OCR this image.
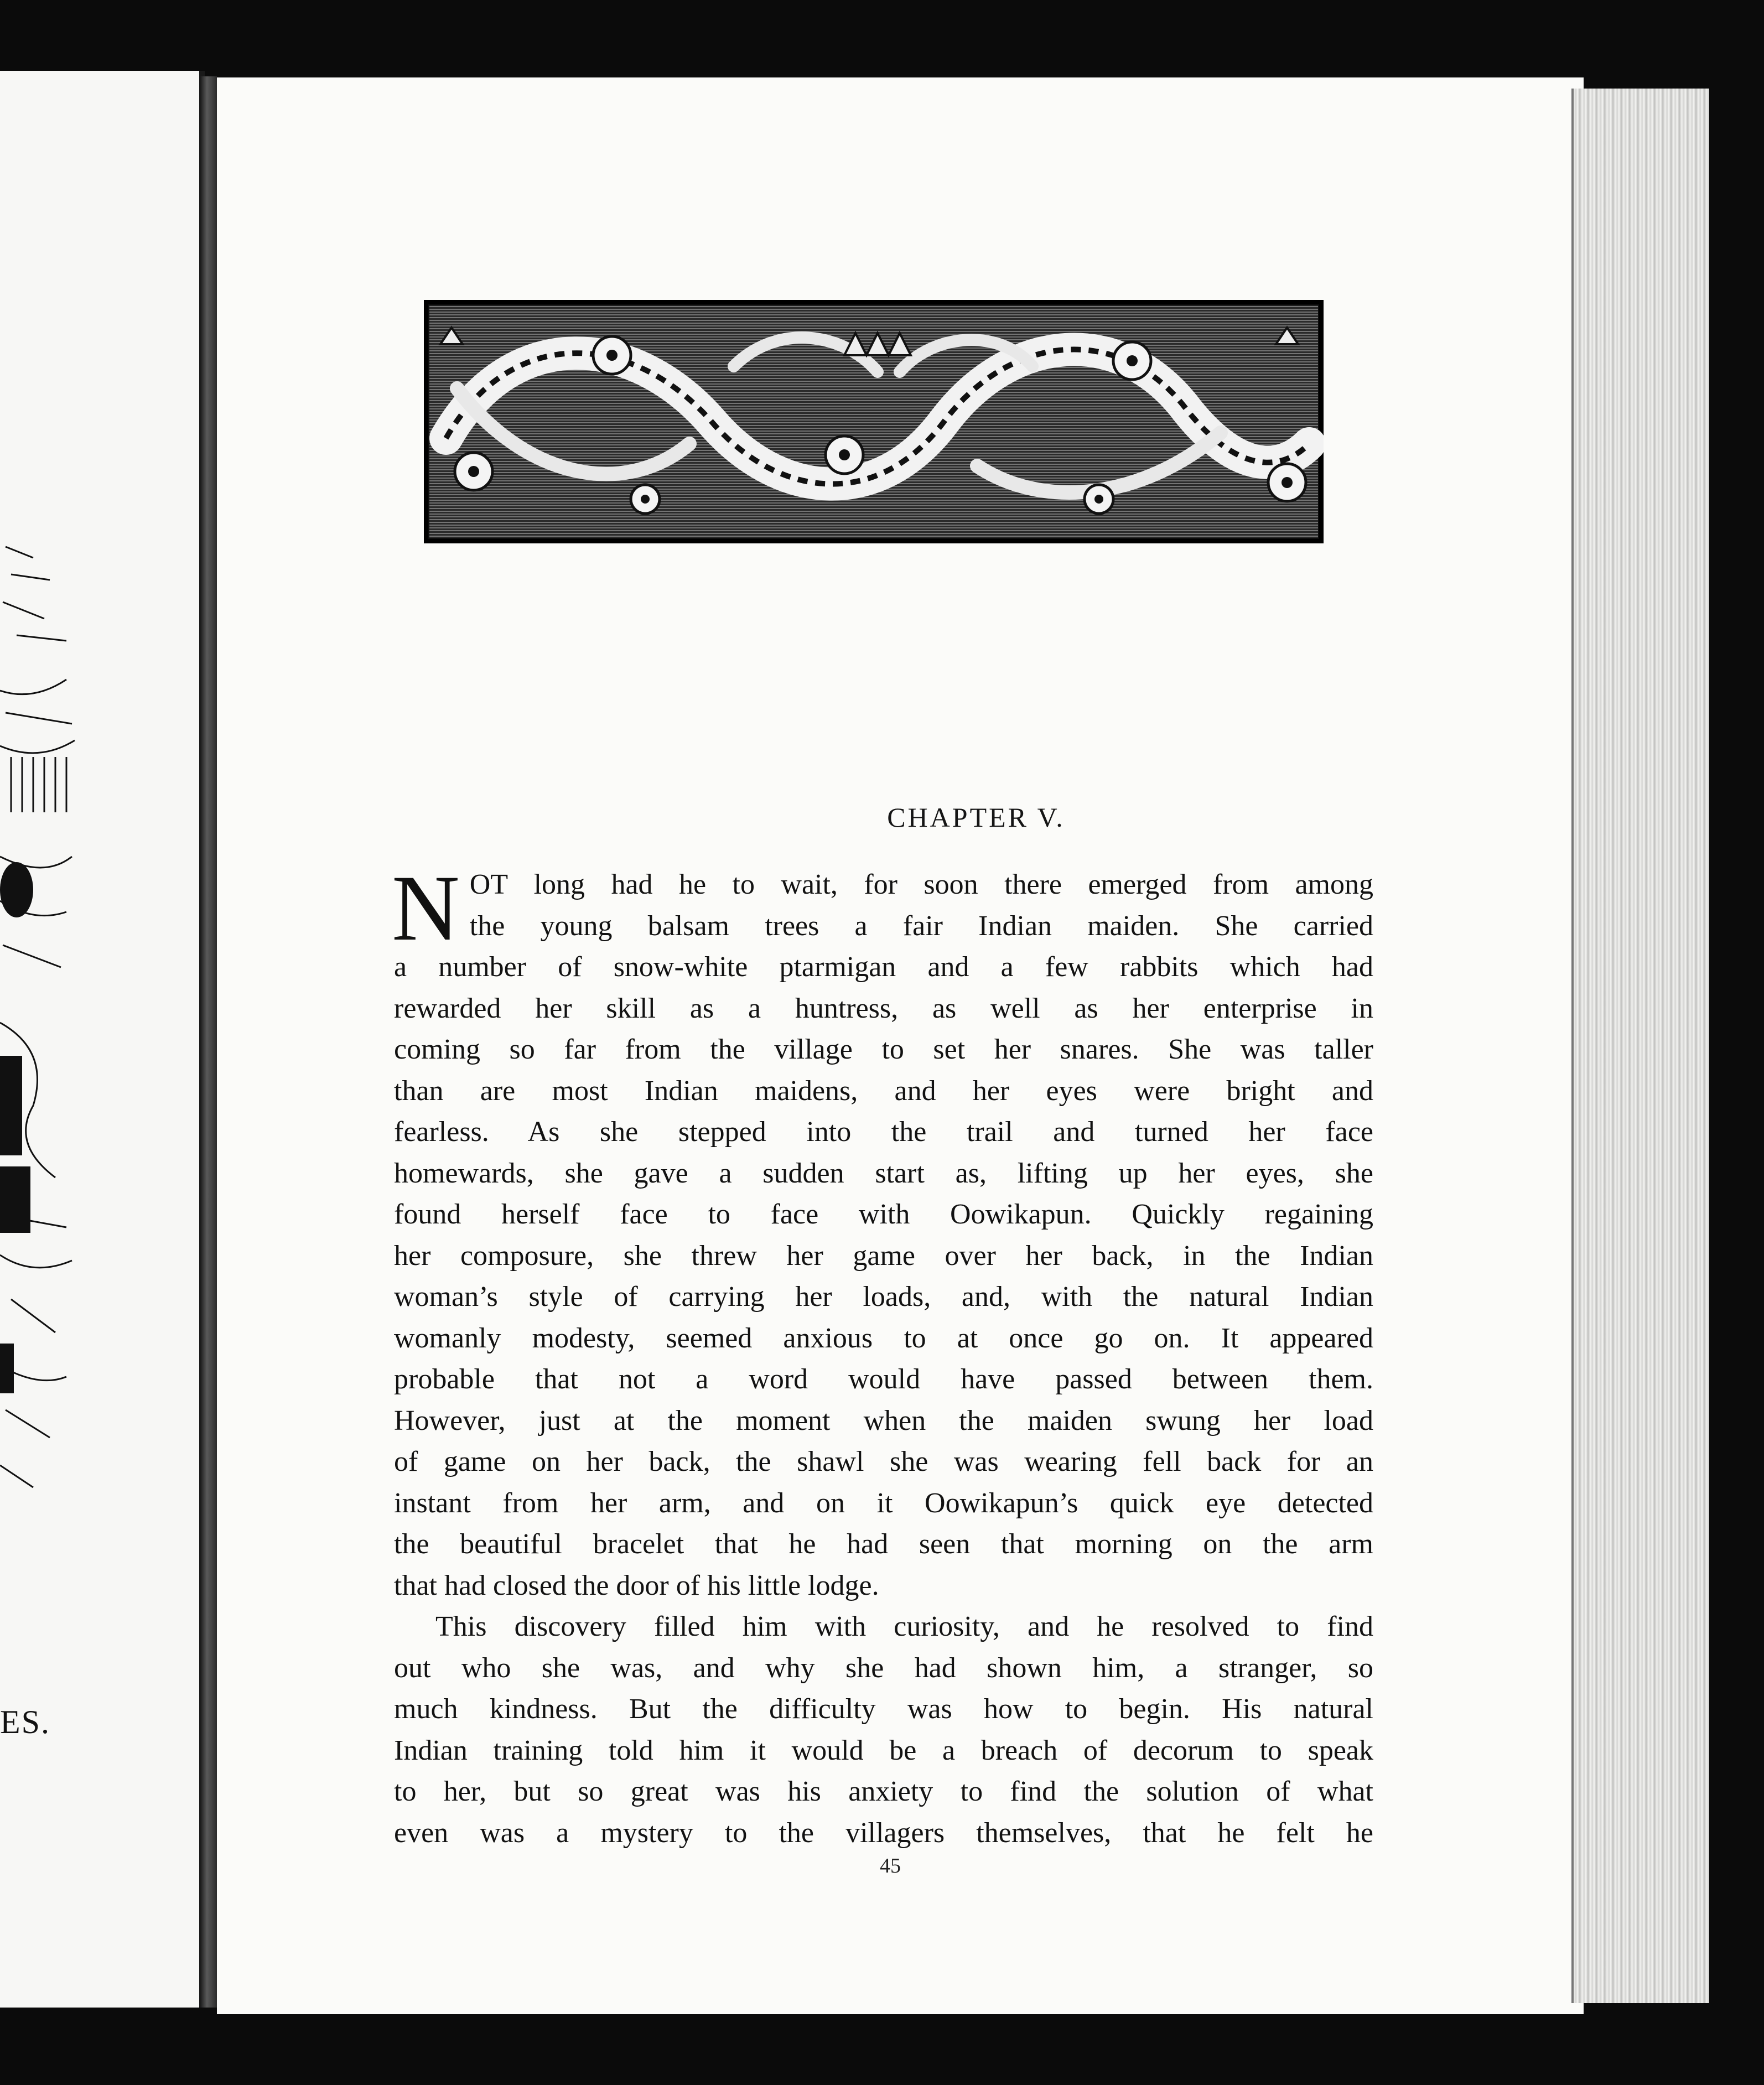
ES.
CHAPTER V.
N OT long had he to wait, for soon there emerged from among
the young balsam trees a fair Indian maiden. She carried
a number of snow-white ptarmigan and a few rabbits which had
rewarded her skill as a huntress, as well as her enterprise in
coming so far from the village to set her snares. She was taller
than are most Indian maidens, and her eyes were bright and
fearless. As she stepped into the trail and turned her face
homewards, she gave a sudden start as, lifting up her eyes, she
found herself face to face with Oowikapun. Quickly regaining
her composure, she threw her game over her back, in the Indian
woman’s style of carrying her loads, and, with the natural Indian
womanly modesty, seemed anxious to at once go on. It appeared
probable that not a word would have passed between them.
However, just at the moment when the maiden swung her load
of game on her back, the shawl she was wearing fell back for an
instant from her arm, and on it Oowikapun’s quick eye detected
the beautiful bracelet that he had seen that morning on the arm
that had closed the door of his little lodge.
This discovery filled him with curiosity, and he resolved to find
out who she was, and why she had shown him, a stranger, so
much kindness. But the difficulty was how to begin. His natural
Indian training told him it would be a breach of decorum to speak
to her, but so great was his anxiety to find the solution of what
even was a mystery to the villagers themselves, that he felt he
45
